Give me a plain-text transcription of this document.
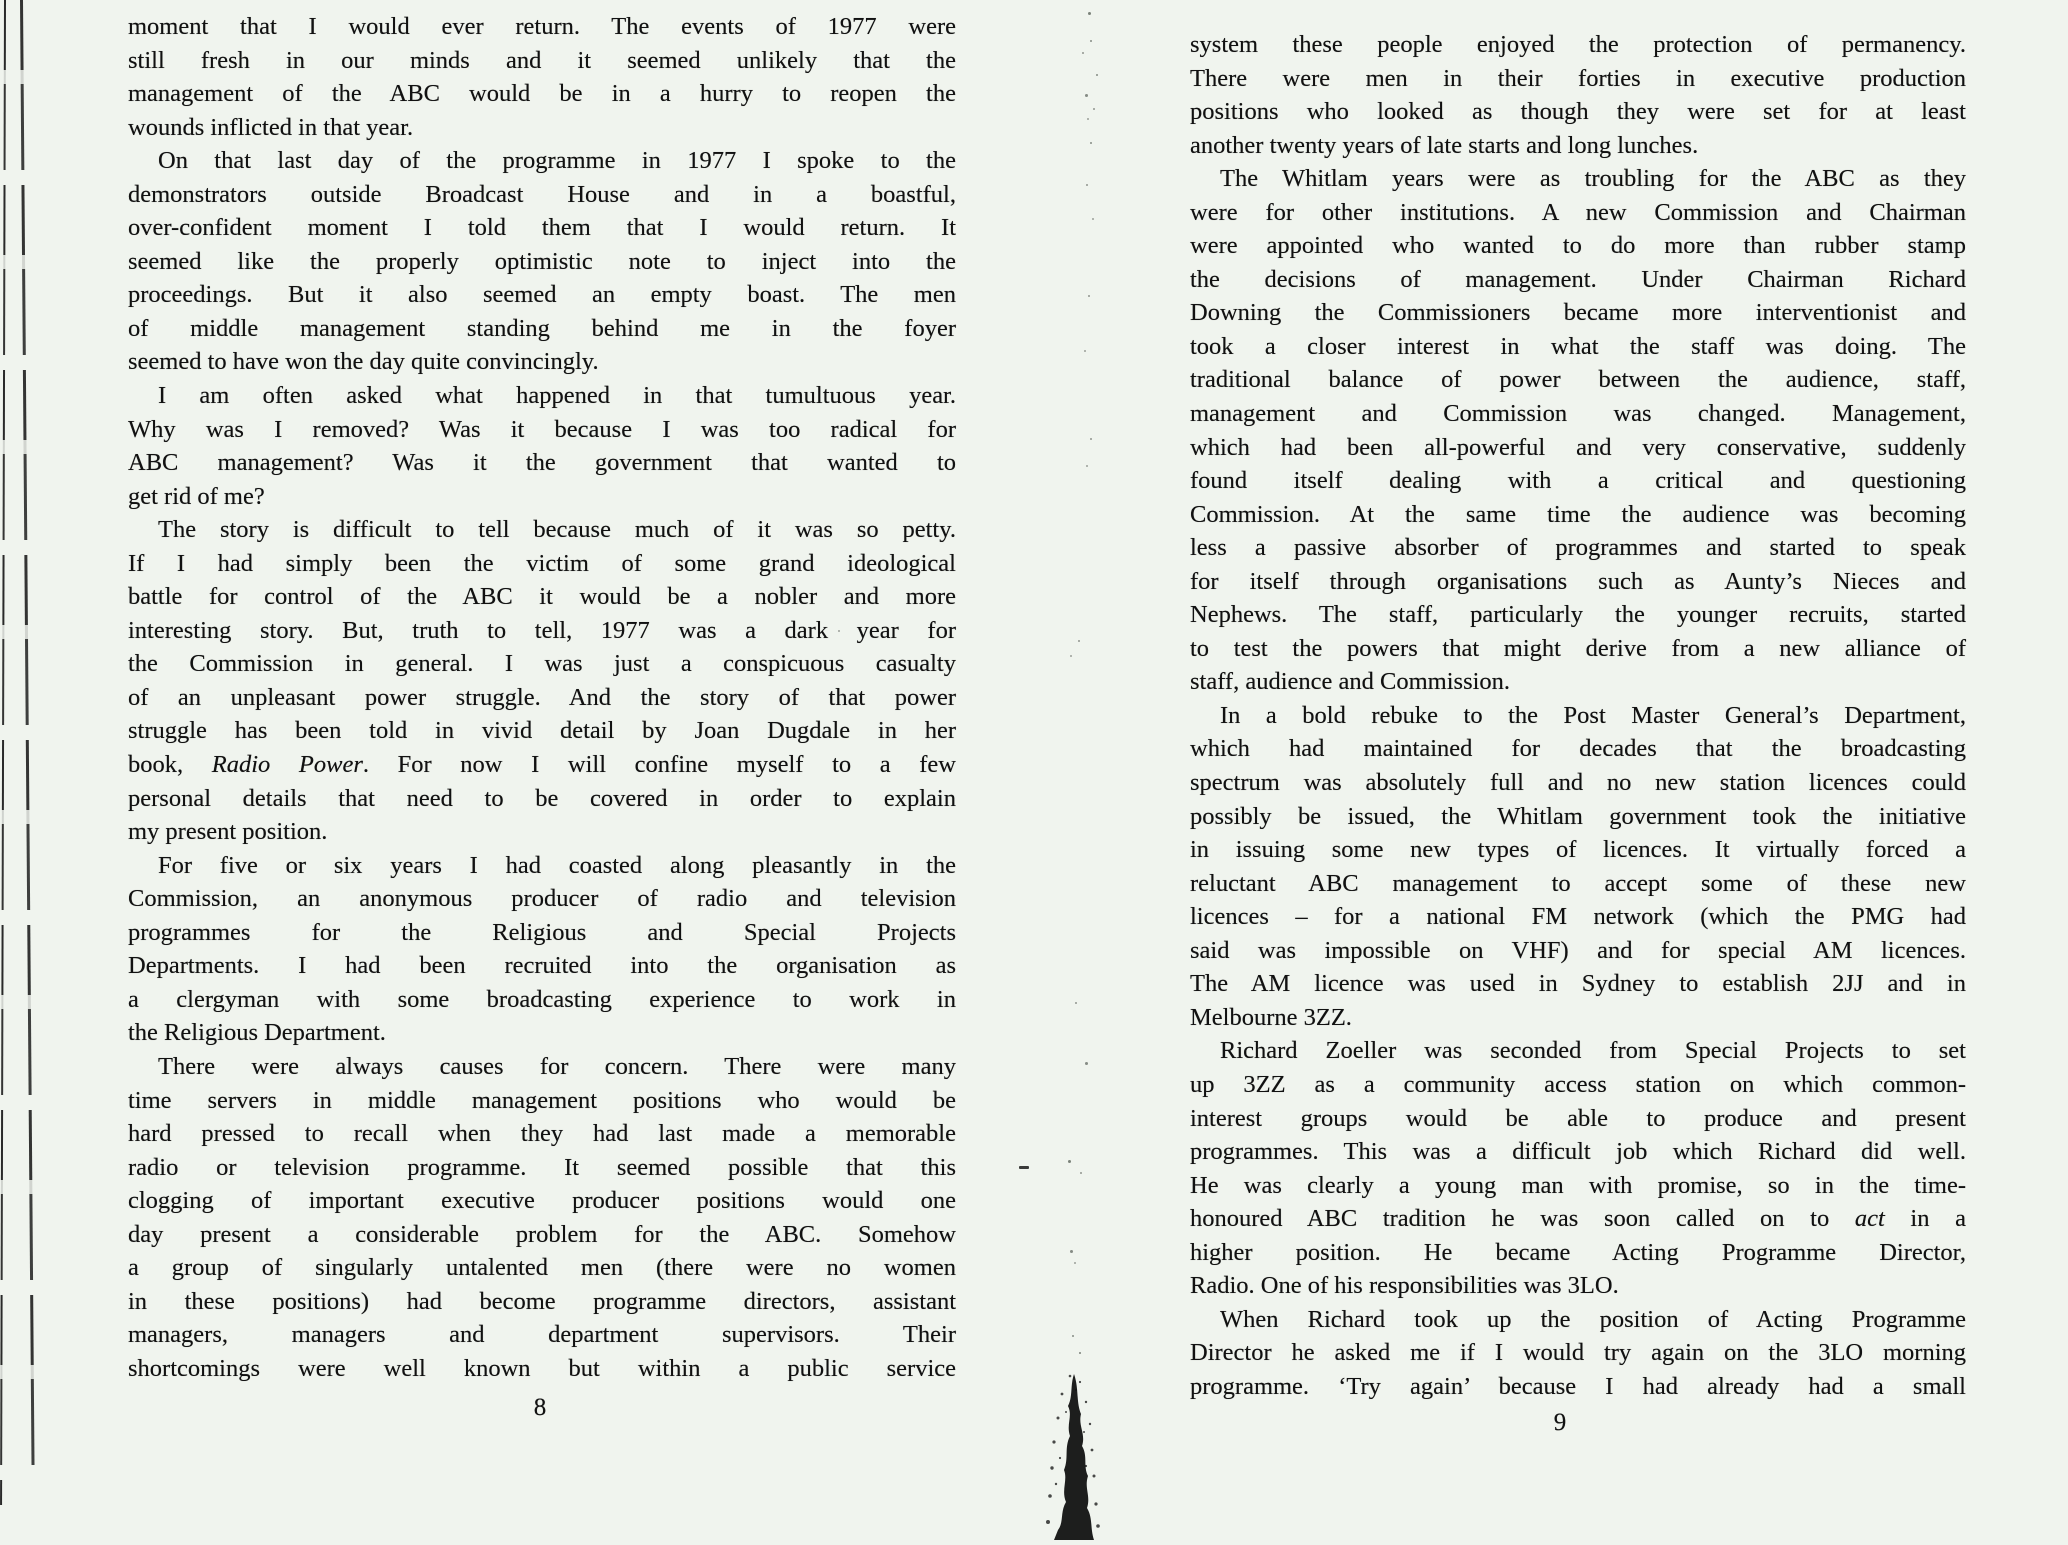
moment that I would ever return. The events of 1977 were
still fresh in our minds and it seemed unlikely that the
management of the ABC would be in a hurry to reopen the
wounds inflicted in that year.
On that last day of the programme in 1977 I spoke to the
demonstrators outside Broadcast House and in a boastful,
over-confident moment I told them that I would return. It
seemed like the properly optimistic note to inject into the
proceedings. But it also seemed an empty boast. The men
of middle management standing behind me in the foyer
seemed to have won the day quite convincingly.
I am often asked what happened in that tumultuous year.
Why was I removed? Was it because I was too radical for
ABC management? Was it the government that wanted to
get rid of me?
The story is difficult to tell because much of it was so petty.
If I had simply been the victim of some grand ideological
battle for control of the ABC it would be a nobler and more
interesting story. But, truth to tell, 1977 was a dark year for
the Commission in general. I was just a conspicuous casualty
of an unpleasant power struggle. And the story of that power
struggle has been told in vivid detail by Joan Dugdale in her
book, Radio Power. For now I will confine myself to a few
personal details that need to be covered in order to explain
my present position.
For five or six years I had coasted along pleasantly in the
Commission, an anonymous producer of radio and television
programmes for the Religious and Special Projects
Departments. I had been recruited into the organisation as
a clergyman with some broadcasting experience to work in
the Religious Department.
There were always causes for concern. There were many
time servers in middle management positions who would be
hard pressed to recall when they had last made a memorable
radio or television programme. It seemed possible that this
clogging of important executive producer positions would one
day present a considerable problem for the ABC. Somehow
a group of singularly untalented men (there were no women
in these positions) had become programme directors, assistant
managers, managers and department supervisors. Their
shortcomings were well known but within a public service
8
system these people enjoyed the protection of permanency.
There were men in their forties in executive production
positions who looked as though they were set for at least
another twenty years of late starts and long lunches.
The Whitlam years were as troubling for the ABC as they
were for other institutions. A new Commission and Chairman
were appointed who wanted to do more than rubber stamp
the decisions of management. Under Chairman Richard
Downing the Commissioners became more interventionist and
took a closer interest in what the staff was doing. The
traditional balance of power between the audience, staff,
management and Commission was changed. Management,
which had been all-powerful and very conservative, suddenly
found itself dealing with a critical and questioning
Commission. At the same time the audience was becoming
less a passive absorber of programmes and started to speak
for itself through organisations such as Aunty’s Nieces and
Nephews. The staff, particularly the younger recruits, started
to test the powers that might derive from a new alliance of
staff, audience and Commission.
In a bold rebuke to the Post Master General’s Department,
which had maintained for decades that the broadcasting
spectrum was absolutely full and no new station licences could
possibly be issued, the Whitlam government took the initiative
in issuing some new types of licences. It virtually forced a
reluctant ABC management to accept some of these new
licences – for a national FM network (which the PMG had
said was impossible on VHF) and for special AM licences.
The AM licence was used in Sydney to establish 2JJ and in
Melbourne 3ZZ.
Richard Zoeller was seconded from Special Projects to set
up 3ZZ as a community access station on which common-
interest groups would be able to produce and present
programmes. This was a difficult job which Richard did well.
He was clearly a young man with promise, so in the time-
honoured ABC tradition he was soon called on to act in a
higher position. He became Acting Programme Director,
Radio. One of his responsibilities was 3LO.
When Richard took up the position of Acting Programme
Director he asked me if I would try again on the 3LO morning
programme. ‘Try again’ because I had already had a small
9
